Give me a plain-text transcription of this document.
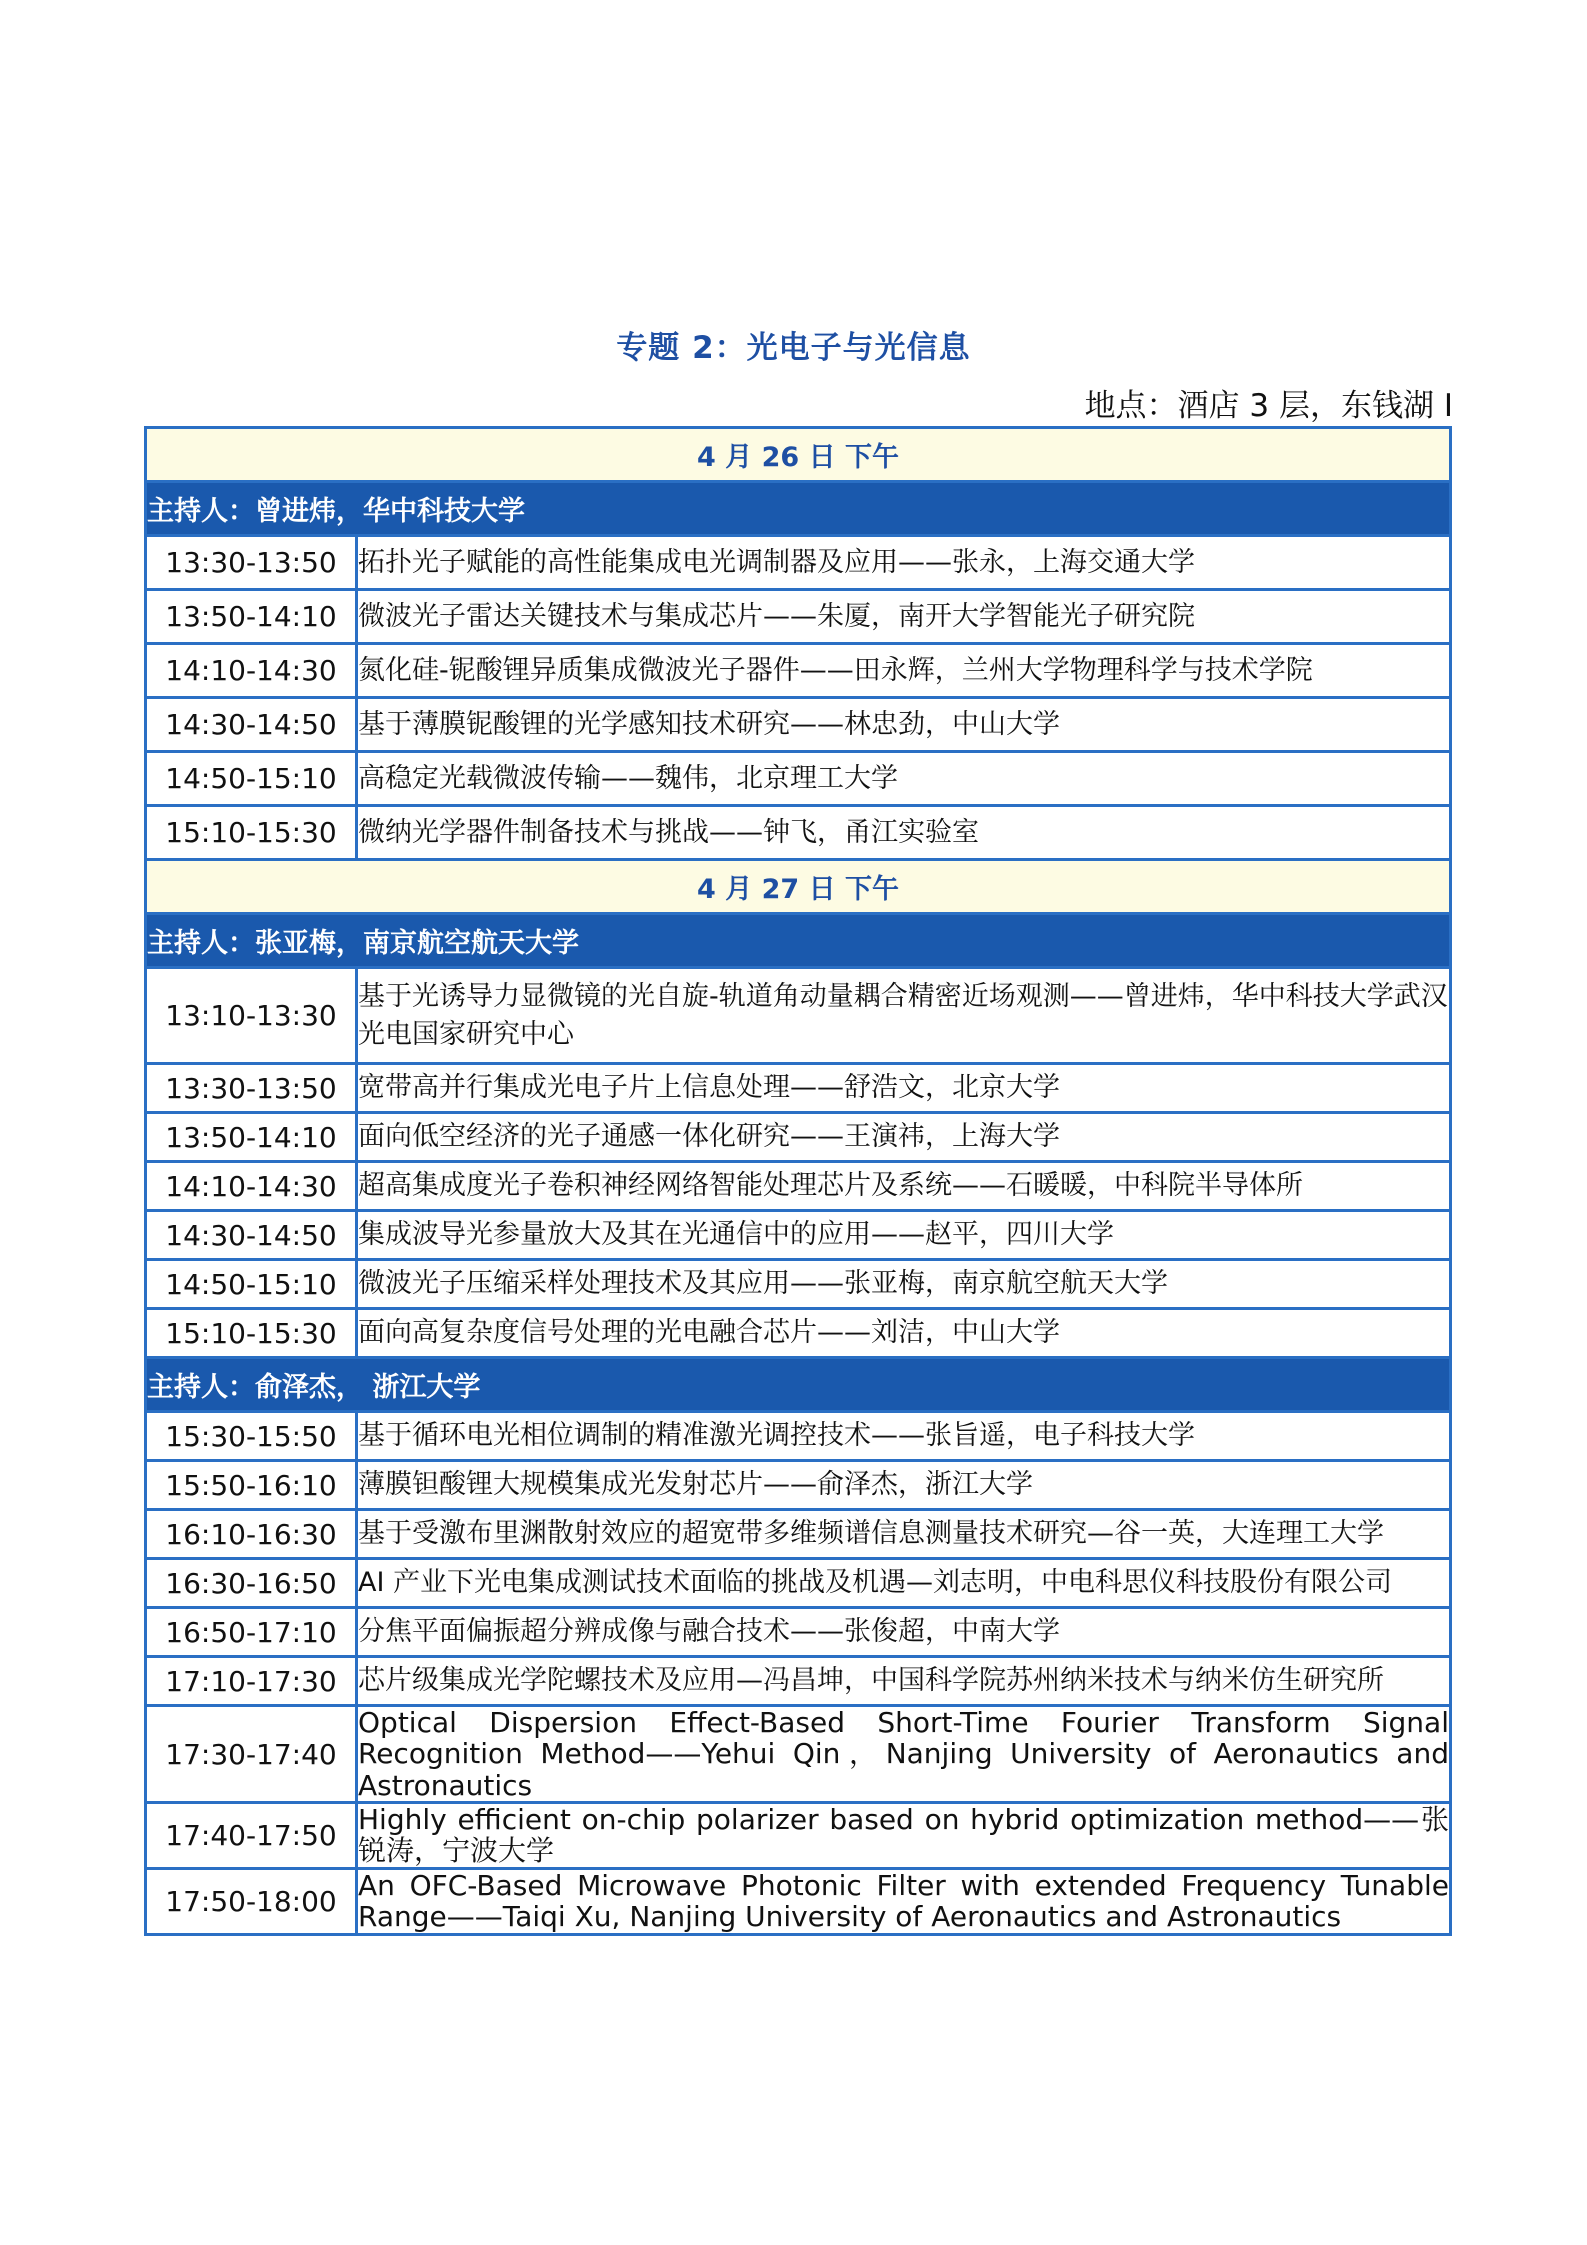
专题 2：光电子与光信息
地点：酒店 3 层，东钱湖 I
4 月 26 日 下午	
主持人：曾进炜，华中科技大学	
13:30-13:50	拓扑光子赋能的高性能集成电光调制器及应用——张永，上海交通大学
13:50-14:10	微波光子雷达关键技术与集成芯片——朱厦，南开大学智能光子研究院
14:10-14:30	氮化硅-铌酸锂异质集成微波光子器件——田永辉，兰州大学物理科学与技术学院
14:30-14:50	基于薄膜铌酸锂的光学感知技术研究——林忠劲，中山大学
14:50-15:10	高稳定光载微波传输——魏伟，北京理工大学
15:10-15:30	微纳光学器件制备技术与挑战——钟飞，甬江实验室
4 月 27 日 下午	
主持人：张亚梅，南京航空航天大学	
13:10-13:30	基于光诱导力显微镜的光自旋-轨道角动量耦合精密近场观测——曾进炜，华中科技大学武汉光电国家研究中心
13:30-13:50	宽带高并行集成光电子片上信息处理——舒浩文，北京大学
13:50-14:10	面向低空经济的光子通感一体化研究——王演祎，上海大学
14:10-14:30	超高集成度光子卷积神经网络智能处理芯片及系统——石暖暖，中科院半导体所
14:30-14:50	集成波导光参量放大及其在光通信中的应用——赵平，四川大学
14:50-15:10	微波光子压缩采样处理技术及其应用——张亚梅，南京航空航天大学
15:10-15:30	面向高复杂度信号处理的光电融合芯片——刘洁，中山大学
主持人：俞泽杰， 浙江大学	
15:30-15:50	基于循环电光相位调制的精准激光调控技术——张旨遥，电子科技大学
15:50-16:10	薄膜钽酸锂大规模集成光发射芯片——俞泽杰，浙江大学
16:10-16:30	基于受激布里渊散射效应的超宽带多维频谱信息测量技术研究—谷一英，大连理工大学
16:30-16:50	AI 产业下光电集成测试技术面临的挑战及机遇—刘志明，中电科思仪科技股份有限公司
16:50-17:10	分焦平面偏振超分辨成像与融合技术——张俊超，中南大学
17:10-17:30	芯片级集成光学陀螺技术及应用—冯昌坤，中国科学院苏州纳米技术与纳米仿生研究所
17:30-17:40	Optical Dispersion Effect-Based Short-Time Fourier Transform Signal Recognition Method——Yehui Qin，Nanjing University of Aeronautics and Astronautics
17:40-17:50	Highly efficient on-chip polarizer based on hybrid optimization method——张锐涛，宁波大学
17:50-18:00	An OFC-Based Microwave Photonic Filter with extended Frequency Tunable Range——Taiqi Xu, Nanjing University of Aeronautics and Astronautics
